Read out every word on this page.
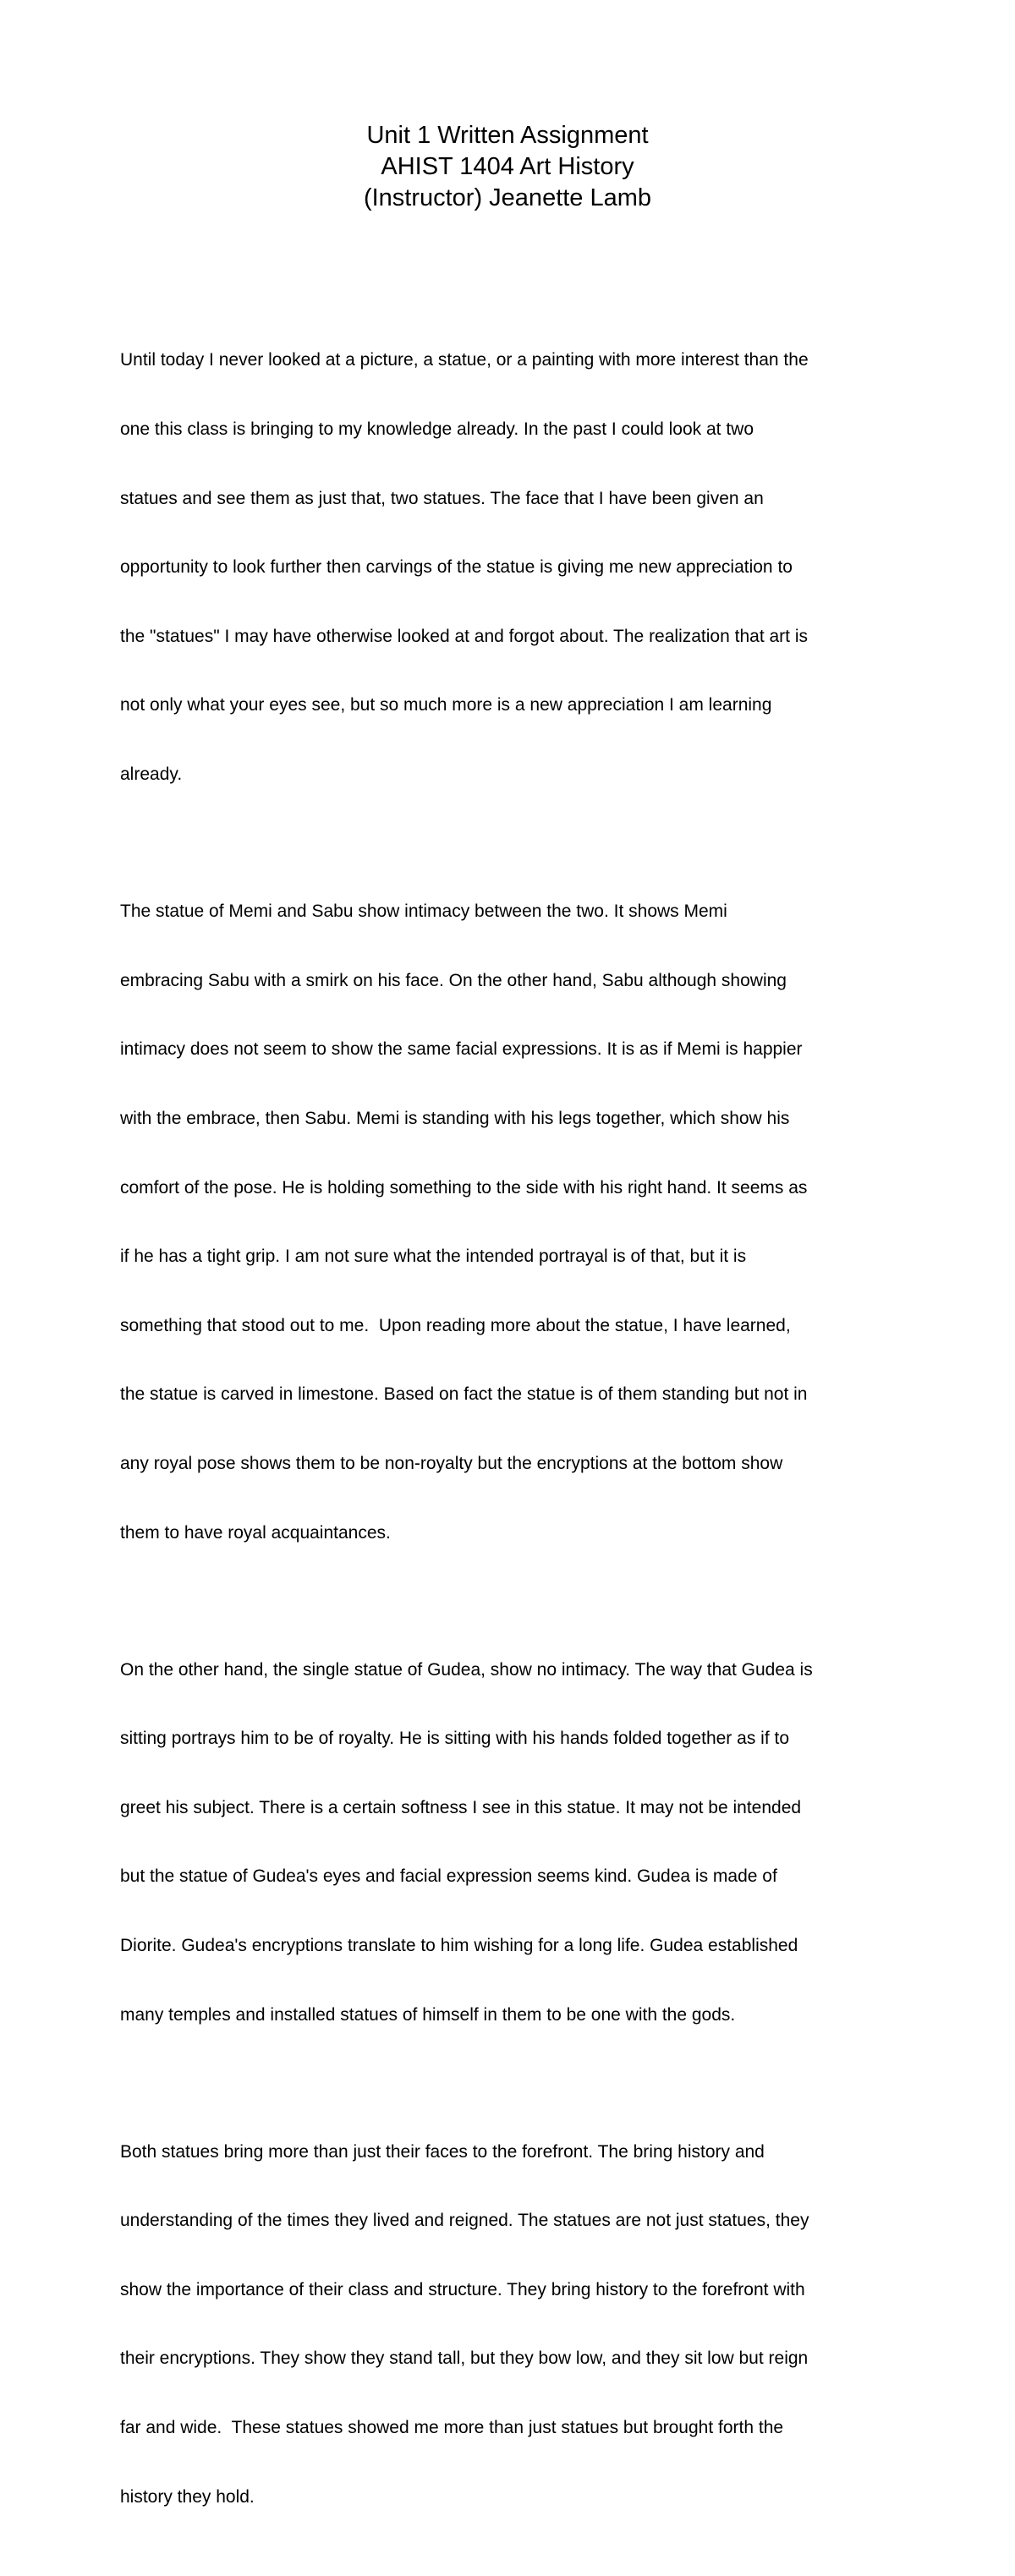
Unit 1 Written Assignment
AHIST 1404 Art History
(Instructor) Jeanette Lamb

Until today I never looked at a picture, a statue, or a painting with more interest than the

one this class is bringing to my knowledge already. In the past I could look at two

statues and see them as just that, two statues. The face that I have been given an

opportunity to look further then carvings of the statue is giving me new appreciation to

the "statues" I may have otherwise looked at and forgot about. The realization that art is

not only what your eyes see, but so much more is a new appreciation I am learning

already.

The statue of Memi and Sabu show intimacy between the two. It shows Memi

embracing Sabu with a smirk on his face. On the other hand, Sabu although showing

intimacy does not seem to show the same facial expressions. It is as if Memi is happier

with the embrace, then Sabu. Memi is standing with his legs together, which show his

comfort of the pose. He is holding something to the side with his right hand. It seems as

if he has a tight grip. I am not sure what the intended portrayal is of that, but it is

something that stood out to me.  Upon reading more about the statue, I have learned,

the statue is carved in limestone. Based on fact the statue is of them standing but not in

any royal pose shows them to be non-royalty but the encryptions at the bottom show

them to have royal acquaintances.

On the other hand, the single statue of Gudea, show no intimacy. The way that Gudea is

sitting portrays him to be of royalty. He is sitting with his hands folded together as if to

greet his subject. There is a certain softness I see in this statue. It may not be intended

but the statue of Gudea's eyes and facial expression seems kind. Gudea is made of

Diorite. Gudea's encryptions translate to him wishing for a long life. Gudea established

many temples and installed statues of himself in them to be one with the gods.

Both statues bring more than just their faces to the forefront. The bring history and

understanding of the times they lived and reigned. The statues are not just statues, they

show the importance of their class and structure. They bring history to the forefront with

their encryptions. They show they stand tall, but they bow low, and they sit low but reign

far and wide.  These statues showed me more than just statues but brought forth the

history they hold.
